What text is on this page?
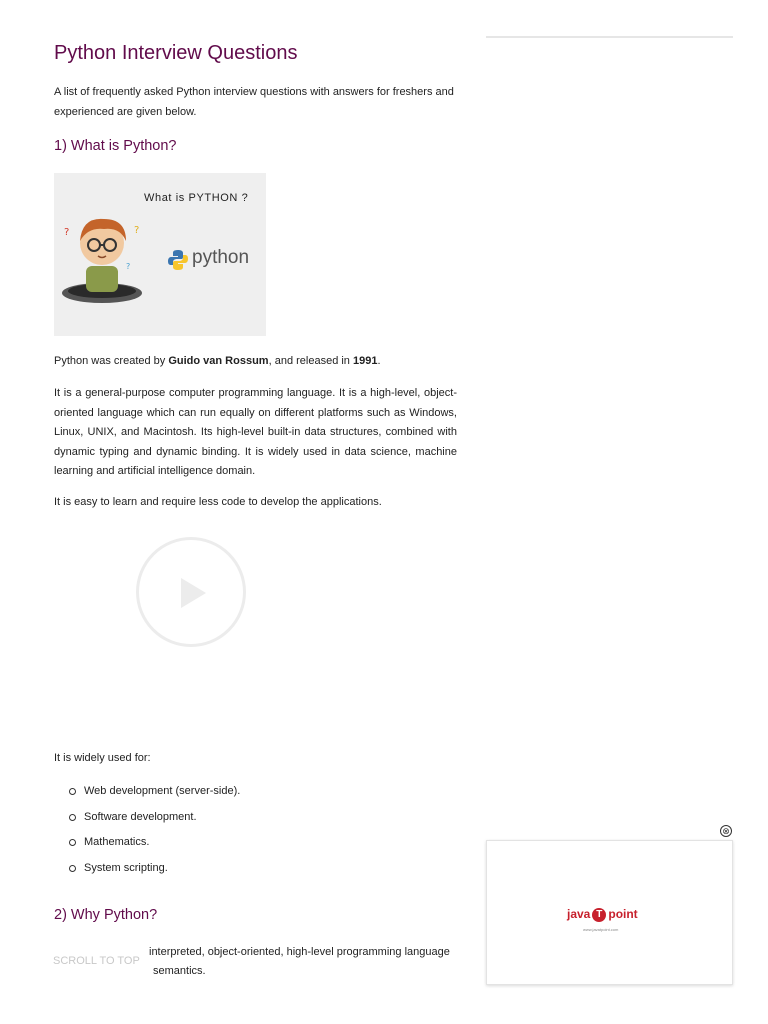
Python Interview Questions

A list of frequently asked Python interview questions with answers for freshers and experienced are given below.

1) What is Python?
What is PYTHON ?
?	?
?	python

Python was created by Guido van Rossum, and released in 1991.

It is a general-purpose computer programming language. It is a high-level, object-oriented language which can run equally on different platforms such as Windows, Linux, UNIX, and Macintosh. Its high-level built-in data structures, combined with dynamic typing and dynamic binding. It is widely used in data science, machine learning and artificial intelligence domain.

It is easy to learn and require less code to develop the applications.

It is widely used for:

Web development (server-side).
Software development.
Mathematics.
System scripting.
2) Why Python?

interpreted, object-oriented, high-level programming language

semantics.

⊗
java T point
www.javatpoint.com
SCROLL TO TOP
